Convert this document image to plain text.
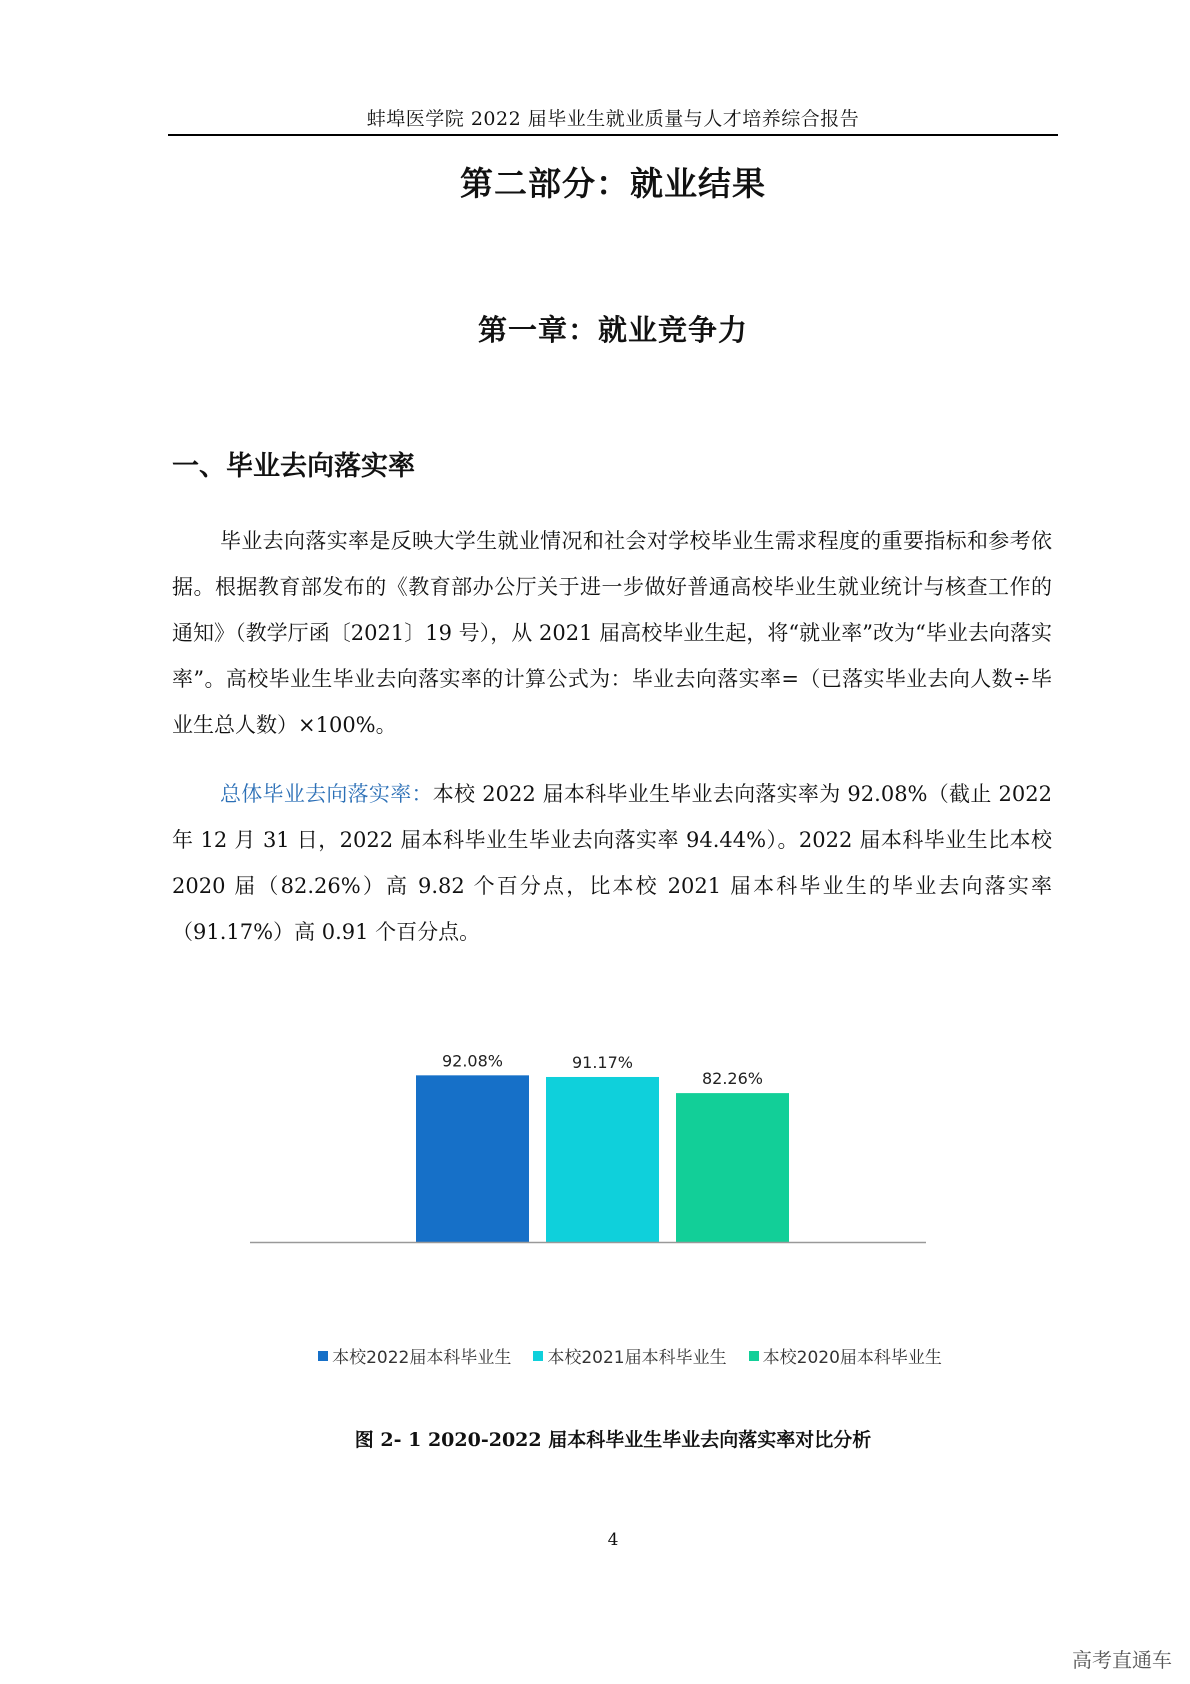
蚌埠医学院 2022 届毕业生就业质量与人才培养综合报告
第二部分：就业结果
第一章：就业竞争力
一、毕业去向落实率

毕业去向落实率是反映大学生就业情况和社会对学校毕业生需求程度的重要指标和参考依据。根据教育部发布的《教育部办公厅关于进一步做好普通高校毕业生就业统计与核查工作的通知》（教学厅函〔2021〕19 号），从 2021 届高校毕业生起，将“就业率”改为“毕业去向落实率”。高校毕业生毕业去向落实率的计算公式为：毕业去向落实率=（已落实毕业去向人数÷毕业生总人数）×100%。

总体毕业去向落实率：本校 2022 届本科毕业生毕业去向落实率为 92.08%（截止 2022 年 12 月 31 日，2022 届本科毕业生毕业去向落实率 94.44%）。2022 届本科毕业生比本校 2020 届（82.26%）高 9.82 个百分点，比本校 2021 届本科毕业生的毕业去向落实率（91.17%）高 0.91 个百分点。

92.08%	91.17%
82.26%
本校2022届本科毕业生 本校2021届本科毕业生 本校2020届本科毕业生
图 2- 1 2020-2022 届本科毕业生毕业去向落实率对比分析
4
高考直通车
